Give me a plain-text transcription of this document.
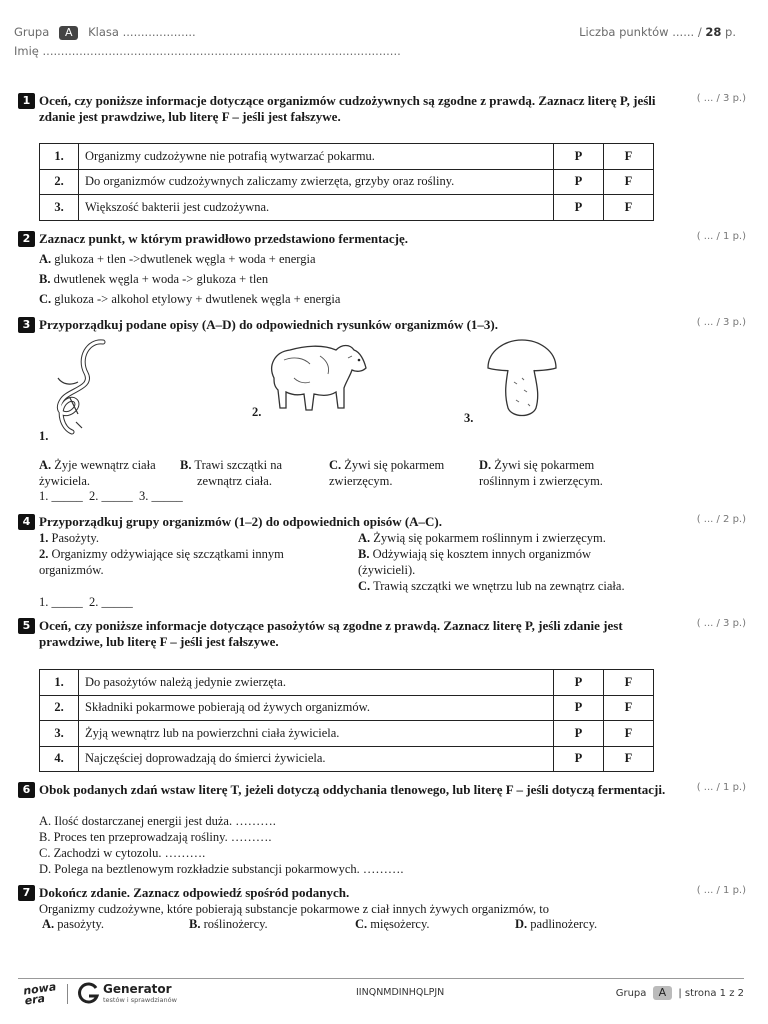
Grupa A Klasa ....................
Imię ..................................................................................................
Liczba punktów ...... / 28 p.
1 Oceń, czy poniższe informacje dotyczące organizmów cudzożywnych są zgodne z prawdą. Zaznacz literę P, jeśli zdanie jest prawdziwe, lub literę F – jeśli jest fałszywe.
( ... / 3 p.)
1.	Organizmy cudzożywne nie potrafią wytwarzać pokarmu.	P	F
2.	Do organizmów cudzożywnych zaliczamy zwierzęta, grzyby oraz rośliny.	P	F
3.	Większość bakterii jest cudzożywna.	P	F
2 Zaznacz punkt, w którym prawidłowo przedstawiono fermentację.	( ... / 1 p.)
A. glukoza + tlen ->dwutlenek węgla + woda + energia
B. dwutlenek węgla + woda -> glukoza + tlen
C. glukoza -> alkohol etylowy + dwutlenek węgla + energia
3 Przyporządkuj podane opisy (A–D) do odpowiednich rysunków organizmów (1–3).	( ... / 3 p.)
1.
2.	3.
A. Żyje wewnątrz ciała
żywiciela.
B. Trawi szczątki na
zewnątrz ciała.
C. Żywi się pokarmem
zwierzęcym.
D. Żywi się pokarmem
roślinnym i zwierzęcym.
1. _____  2. _____  3. _____
4 Przyporządkuj grupy organizmów (1–2) do odpowiednich opisów (A–C).	( ... / 2 p.)
1. Pasożyty.
2. Organizmy odżywiające się szczątkami innym
organizmów.
A. Żywią się pokarmem roślinnym i zwierzęcym.
B. Odżywiają się kosztem innych organizmów
(żywicieli).
C. Trawią szczątki we wnętrzu lub na zewnątrz ciała.
1. _____  2. _____
5 Oceń, czy poniższe informacje dotyczące pasożytów są zgodne z prawdą. Zaznacz literę P, jeśli zdanie jest prawdziwe, lub literę F – jeśli jest fałszywe.
( ... / 3 p.)
1.	Do pasożytów należą jedynie zwierzęta.	P	F
2.	Składniki pokarmowe pobierają od żywych organizmów.	P	F
3.	Żyją wewnątrz lub na powierzchni ciała żywiciela.	P	F
4.	Najczęściej doprowadzają do śmierci żywiciela.	P	F
6 Obok podanych zdań wstaw literę T, jeżeli dotyczą oddychania tlenowego, lub literę F – jeśli dotyczą fermentacji.	( ... / 1 p.)
A. Ilość dostarczanej energii jest duża. ……….
B. Proces ten przeprowadzają rośliny. ……….
C. Zachodzi w cytozolu. ……….
D. Polega na beztlenowym rozkładzie substancji pokarmowych. ……….
7 Dokończ zdanie. Zaznacz odpowiedź spośród podanych.	( ... / 1 p.)
Organizmy cudzożywne, które pobierają substancje pokarmowe z ciał innych żywych organizmów, to
A. pasożyty.	B. roślinożercy.	C. mięsożercy.	D. padlinożercy.
nowa era
Generator
testów i sprawdzianów
IINQNMDINHQLPJN	Grupa A | strona 1 z 2
